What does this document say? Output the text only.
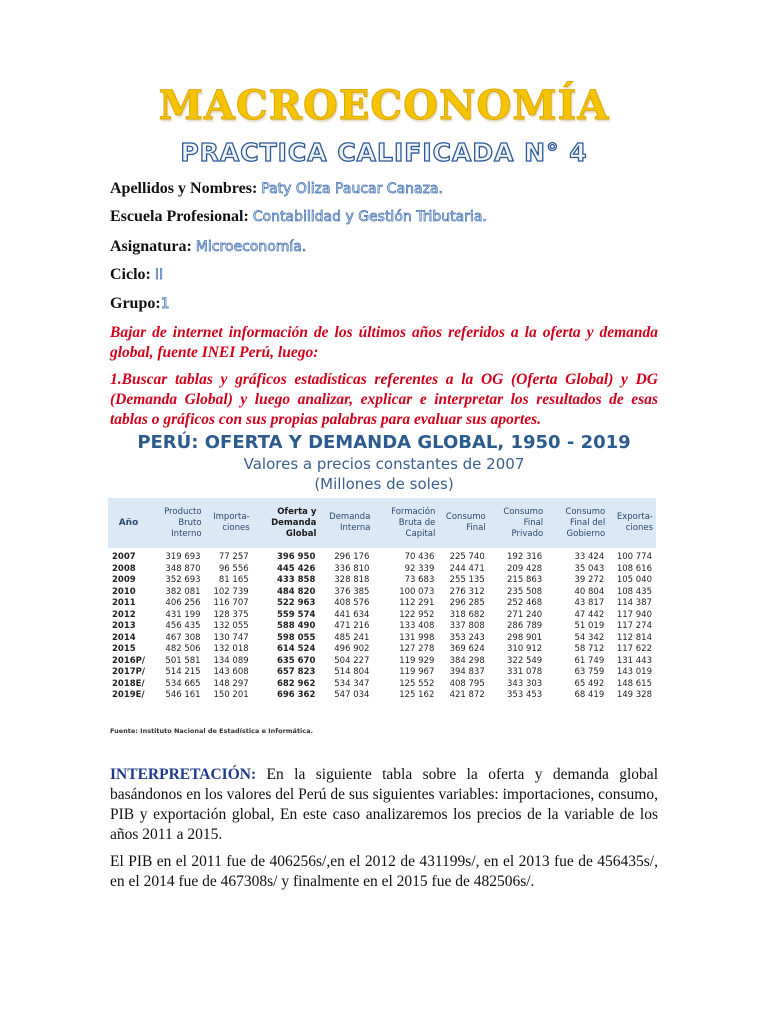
MACROECONOMÍA
PRACTICA CALIFICADA N° 4
Apellidos y Nombres: Paty Oliza Paucar Canaza.
Escuela Profesional: Contabilidad y Gestión Tributaria.
Asignatura: Microeconomía.
Ciclo: II
Grupo:1
Bajar de internet información de los últimos años referidos a la oferta y demanda global, fuente INEI Perú, luego:
1.Buscar tablas y gráficos estadísticas referentes a la OG (Oferta Global) y DG (Demanda Global) y luego analizar, explicar e interpretar los resultados de esas tablas o gráficos con sus propias palabras para evaluar sus aportes.
PERÚ: OFERTA Y DEMANDA GLOBAL, 1950 - 2019
Valores a precios constantes de 2007
(Millones de soles)
Año	Producto Bruto Interno	Importa-ciones	Oferta y Demanda Global	Demanda Interna	Formación Bruta de Capital	Consumo Final	Consumo Final Privado	Consumo Final del Gobierno	Exporta-ciones
2007	319 693	77 257	396 950	296 176	70 436	225 740	192 316	33 424	100 774
2008	348 870	96 556	445 426	336 810	92 339	244 471	209 428	35 043	108 616
2009	352 693	81 165	433 858	328 818	73 683	255 135	215 863	39 272	105 040
2010	382 081	102 739	484 820	376 385	100 073	276 312	235 508	40 804	108 435
2011	406 256	116 707	522 963	408 576	112 291	296 285	252 468	43 817	114 387
2012	431 199	128 375	559 574	441 634	122 952	318 682	271 240	47 442	117 940
2013	456 435	132 055	588 490	471 216	133 408	337 808	286 789	51 019	117 274
2014	467 308	130 747	598 055	485 241	131 998	353 243	298 901	54 342	112 814
2015	482 506	132 018	614 524	496 902	127 278	369 624	310 912	58 712	117 622
2016P/	501 581	134 089	635 670	504 227	119 929	384 298	322 549	61 749	131 443
2017P/	514 215	143 608	657 823	514 804	119 967	394 837	331 078	63 759	143 019
2018E/	534 665	148 297	682 962	534 347	125 552	408 795	343 303	65 492	148 615
2019E/	546 161	150 201	696 362	547 034	125 162	421 872	353 453	68 419	149 328
Fuente: Instituto Nacional de Estadística e Informática.
INTERPRETACIÓN: En la siguiente tabla sobre la oferta y demanda global basándonos en los valores del Perú de sus siguientes variables: importaciones, consumo, PIB y exportación global, En este caso analizaremos los precios de la variable de los años 2011 a 2015.
El PIB en el 2011 fue de 406256s/,en el 2012 de 431199s/, en el 2013 fue de 456435s/, en el 2014 fue de 467308s/ y finalmente en el 2015 fue de 482506s/.
